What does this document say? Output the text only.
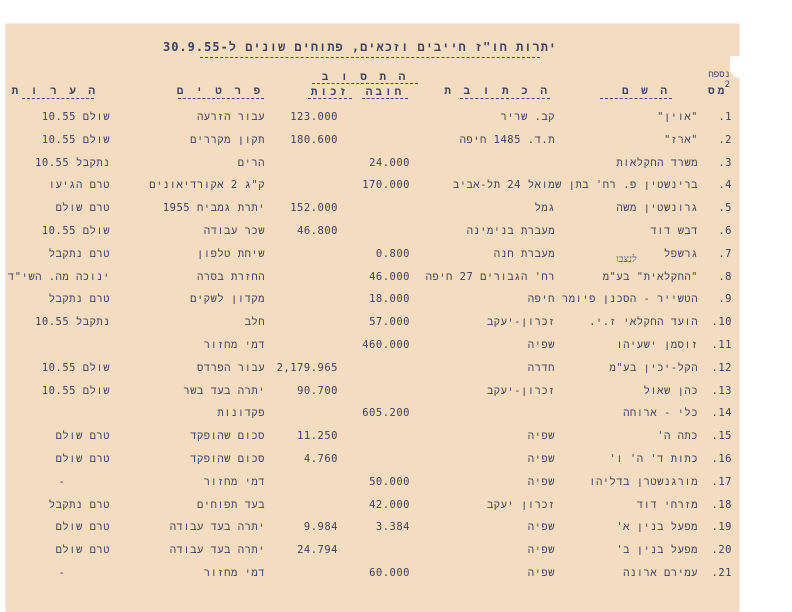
יתרות חו"ז חייבים וזכאים, פתוחים שונים ל-30.9.55
נספח 2
מס
ה ש ם
ה כ ת ו ב ת
ה ת ס ו ב
חובה
זכות
פ ר ט י ם
ה ע ר ו ת
לנצבו
.1
"אוין"
קב. שריר
123.000
עבור הזרעה
שולם 10.55
.2
"ארז"
ת.ד. 1485 חיפה
180.600
תקון מקררים
שולם 10.55
.3
משרד החקלאות
24.000
הרים
נתקבל 10.55
.4
ברינשטין פ. רח' בתן שמואל 24 תל-אביב
170.000
ק"ג 2 אקורדיאונים
טרם הגיעו
.5
גרונשטין משה
גמל
152.000
יתרת גמביח 1955
טרם שולם
.6
דבש דוד
מעברת בנימינה
46.800
שכר עבודה
שולם 10.55
.7
גרשפל
מעברת חנה
0.800
שיחת טלפון
טרם נתקבל
.8
"החקלאית" בע"מ
רח' הגבורים 27 חיפה
46.000
החזרת בסרה
ינוכה מה. השי"ד
.9
הטשייר - הסכנן פיומר
חיפה
18.000
מקדון לשקים
טרם נתקבל
.10
הועד החקלאי ז.י.
זכרון-יעקב
57.000
חלב
נתקבל 10.55
.11
זוסמן ישעיהו
שפיה
460.000
דמי מחזור
.12
הקל-יכין בע"מ
חדרה
2,179.965
עבור הפרדס
שולם 10.55
.13
כהן שאול
זכרון-יעקב
90.700
יתרה בעד בשר
שולם 10.55
.14
כלי - ארוחה
605.200
פקדונות
.15
כתה ה'
שפיה
11.250
סכום שהופקד
טרם שולם
.16
כתות ד' ה' ו'
שפיה
4.760
סכום שהופקד
טרם שולם
.17
מורגנשטרן בדליהו
שפיה
50.000
דמי מחזור
-
.18
מזרחי דוד
זכרון יעקב
42.000
בעד תפוחים
טרם נתקבל
.19
מפעל בנין א'
שפיה
3.384
9.984
יתרה בעד עבודה
טרם שולם
.20
מפעל בנין ב'
שפיה
24.794
יתרה בעד עבודה
טרם שולם
.21
עמירם ארונה
שפיה
60.000
דמי מחזור
-
